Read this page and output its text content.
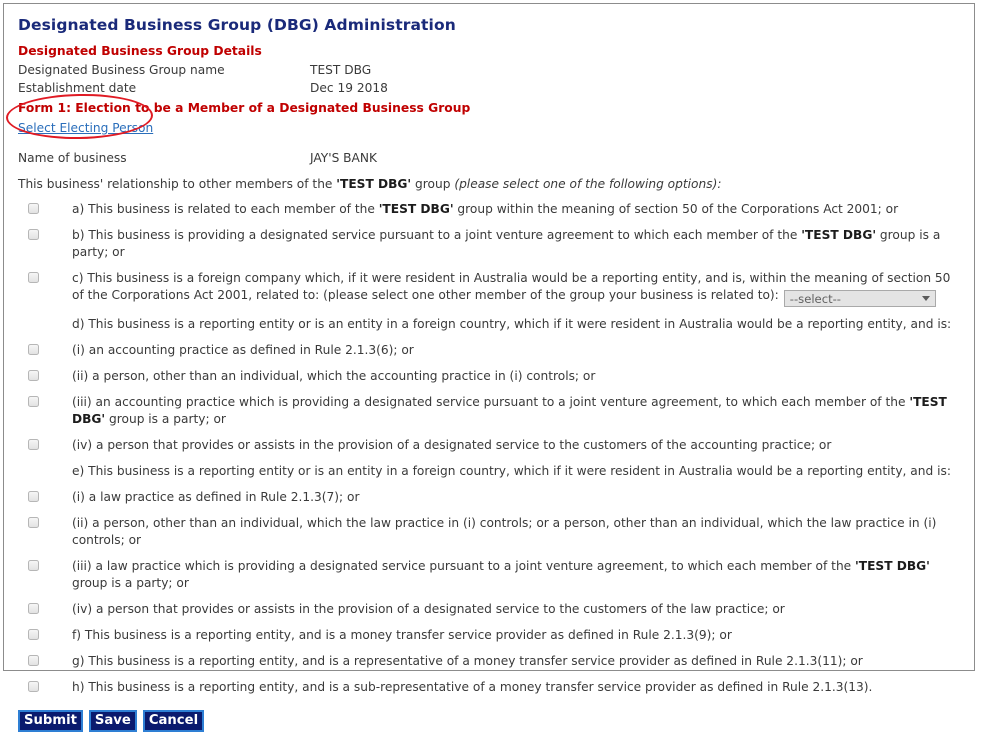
Designated Business Group (DBG) Administration
Designated Business Group Details
Designated Business Group name	TEST DBG
Establishment date	Dec 19 2018
Form 1: Election to be a Member of a Designated Business Group
Select Electing Person
Name of business	JAY'S BANK
This business' relationship to other members of the 'TEST DBG' group (please select one of the following options):
a) This business is related to each member of the 'TEST DBG' group within the meaning of section 50 of the Corporations Act 2001; or
b) This business is providing a designated service pursuant to a joint venture agreement to which each member of the 'TEST DBG' group is a party; or
c) This business is a foreign company which, if it were resident in Australia would be a reporting entity, and is, within the meaning of section 50 of the Corporations Act 2001, related to: (please select one other member of the group your business is related to): --select--
d) This business is a reporting entity or is an entity in a foreign country, which if it were resident in Australia would be a reporting entity, and is:
(i) an accounting practice as defined in Rule 2.1.3(6); or
(ii) a person, other than an individual, which the accounting practice in (i) controls; or
(iii) an accounting practice which is providing a designated service pursuant to a joint venture agreement, to which each member of the 'TEST DBG' group is a party; or
(iv) a person that provides or assists in the provision of a designated service to the customers of the accounting practice; or
e) This business is a reporting entity or is an entity in a foreign country, which if it were resident in Australia would be a reporting entity, and is:
(i) a law practice as defined in Rule 2.1.3(7); or
(ii) a person, other than an individual, which the law practice in (i) controls; or a person, other than an individual, which the law practice in (i) controls; or
(iii) a law practice which is providing a designated service pursuant to a joint venture agreement, to which each member of the 'TEST DBG' group is a party; or
(iv) a person that provides or assists in the provision of a designated service to the customers of the law practice; or
f) This business is a reporting entity, and is a money transfer service provider as defined in Rule 2.1.3(9); or
g) This business is a reporting entity, and is a representative of a money transfer service provider as defined in Rule 2.1.3(11); or
h) This business is a reporting entity, and is a sub-representative of a money transfer service provider as defined in Rule 2.1.3(13).
Submit	Save	Cancel
